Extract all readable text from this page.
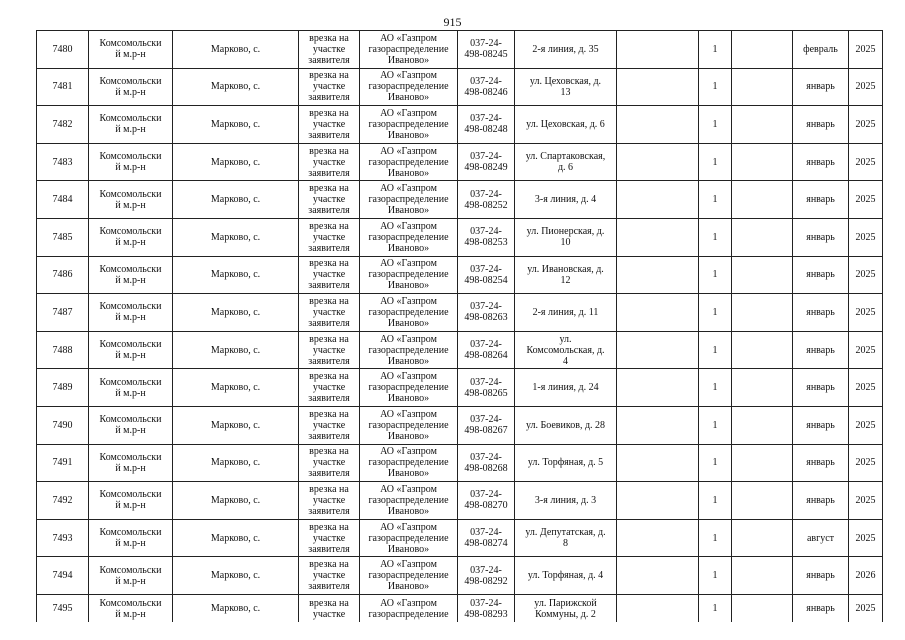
915
7480	Комсомольски
й м.р-н	Марково, с.	врезка на
участке
заявителя	АО «Газпром
газораспределение
Иваново»	037-24-
498-08245	2-я линия, д. 35		1		февраль	2025
7481	Комсомольски
й м.р-н	Марково, с.	врезка на
участке
заявителя	АО «Газпром
газораспределение
Иваново»	037-24-
498-08246	ул. Цеховская, д.
13		1		январь	2025
7482	Комсомольски
й м.р-н	Марково, с.	врезка на
участке
заявителя	АО «Газпром
газораспределение
Иваново»	037-24-
498-08248	ул. Цеховская, д. 6		1		январь	2025
7483	Комсомольски
й м.р-н	Марково, с.	врезка на
участке
заявителя	АО «Газпром
газораспределение
Иваново»	037-24-
498-08249	ул. Спартаковская,
д. 6		1		январь	2025
7484	Комсомольски
й м.р-н	Марково, с.	врезка на
участке
заявителя	АО «Газпром
газораспределение
Иваново»	037-24-
498-08252	3-я линия, д. 4		1		январь	2025
7485	Комсомольски
й м.р-н	Марково, с.	врезка на
участке
заявителя	АО «Газпром
газораспределение
Иваново»	037-24-
498-08253	ул. Пионерская, д.
10		1		январь	2025
7486	Комсомольски
й м.р-н	Марково, с.	врезка на
участке
заявителя	АО «Газпром
газораспределение
Иваново»	037-24-
498-08254	ул. Ивановская, д.
12		1		январь	2025
7487	Комсомольски
й м.р-н	Марково, с.	врезка на
участке
заявителя	АО «Газпром
газораспределение
Иваново»	037-24-
498-08263	2-я линия, д. 11		1		январь	2025
7488	Комсомольски
й м.р-н	Марково, с.	врезка на
участке
заявителя	АО «Газпром
газораспределение
Иваново»	037-24-
498-08264	ул.
Комсомольская, д.
4		1		январь	2025
7489	Комсомольски
й м.р-н	Марково, с.	врезка на
участке
заявителя	АО «Газпром
газораспределение
Иваново»	037-24-
498-08265	1-я линия, д. 24		1		январь	2025
7490	Комсомольски
й м.р-н	Марково, с.	врезка на
участке
заявителя	АО «Газпром
газораспределение
Иваново»	037-24-
498-08267	ул. Боевиков, д. 28		1		январь	2025
7491	Комсомольски
й м.р-н	Марково, с.	врезка на
участке
заявителя	АО «Газпром
газораспределение
Иваново»	037-24-
498-08268	ул. Торфяная, д. 5		1		январь	2025
7492	Комсомольски
й м.р-н	Марково, с.	врезка на
участке
заявителя	АО «Газпром
газораспределение
Иваново»	037-24-
498-08270	3-я линия, д. 3		1		январь	2025
7493	Комсомольски
й м.р-н	Марково, с.	врезка на
участке
заявителя	АО «Газпром
газораспределение
Иваново»	037-24-
498-08274	ул. Депутатская, д.
8		1		август	2025
7494	Комсомольски
й м.р-н	Марково, с.	врезка на
участке
заявителя	АО «Газпром
газораспределение
Иваново»	037-24-
498-08292	ул. Торфяная, д. 4		1		январь	2026
7495	Комсомольски
й м.р-н	Марково, с.	врезка на
участке	АО «Газпром
газораспределение	037-24-
498-08293	ул. Парижской
Коммуны, д. 2		1		январь	2025
